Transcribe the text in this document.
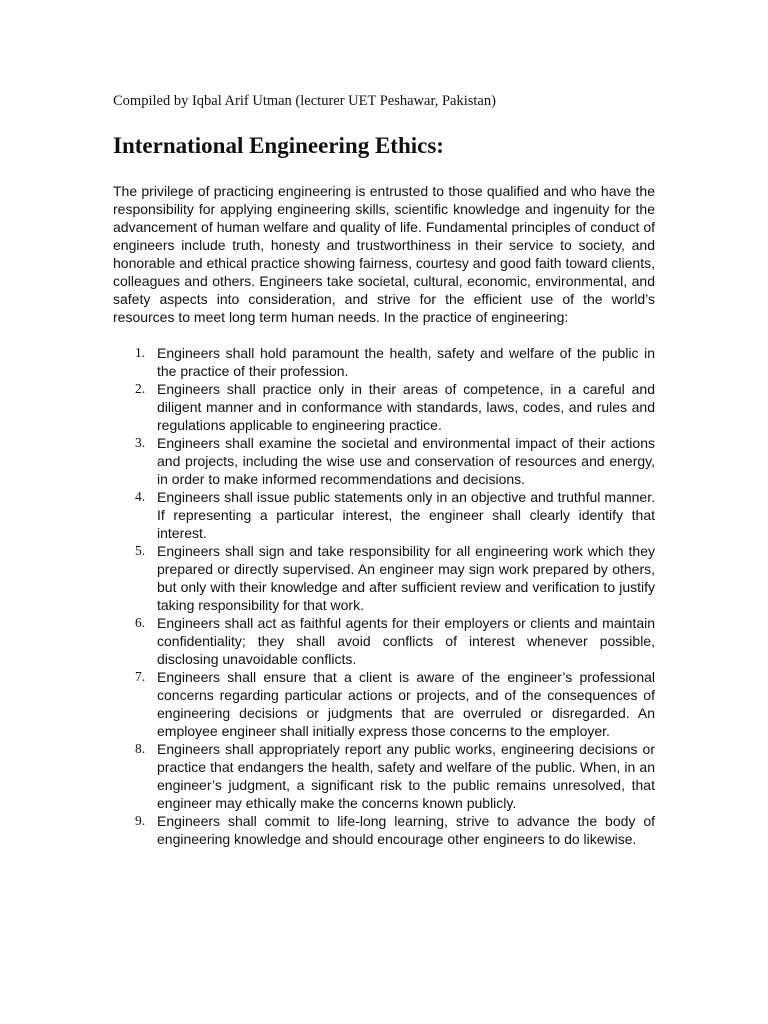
Compiled by Iqbal Arif Utman (lecturer UET Peshawar, Pakistan)

International Engineering Ethics:

The privilege of practicing engineering is entrusted to those qualified and who have the responsibility for applying engineering skills, scientific knowledge and ingenuity for the advancement of human welfare and quality of life. Fundamental principles of conduct of engineers include truth, honesty and trustworthiness in their service to society, and honorable and ethical practice showing fairness, courtesy and good faith toward clients, colleagues and others. Engineers take societal, cultural, economic, environmental, and safety aspects into consideration, and strive for the efficient use of the world’s resources to meet long term human needs. In the practice of engineering:

1. Engineers shall hold paramount the health, safety and welfare of the public in the practice of their profession.
2. Engineers shall practice only in their areas of competence, in a careful and diligent manner and in conformance with standards, laws, codes, and rules and regulations applicable to engineering practice.
3. Engineers shall examine the societal and environmental impact of their actions and projects, including the wise use and conservation of resources and energy, in order to make informed recommendations and decisions.
4. Engineers shall issue public statements only in an objective and truthful manner. If representing a particular interest, the engineer shall clearly identify that interest.
5. Engineers shall sign and take responsibility for all engineering work which they prepared or directly supervised. An engineer may sign work prepared by others, but only with their knowledge and after sufficient review and verification to justify taking responsibility for that work.
6. Engineers shall act as faithful agents for their employers or clients and maintain confidentiality; they shall avoid conflicts of interest whenever possible, disclosing unavoidable conflicts.
7. Engineers shall ensure that a client is aware of the engineer’s professional concerns regarding particular actions or projects, and of the consequences of engineering decisions or judgments that are overruled or disregarded. An employee engineer shall initially express those concerns to the employer.
8. Engineers shall appropriately report any public works, engineering decisions or practice that endangers the health, safety and welfare of the public. When, in an engineer’s judgment, a significant risk to the public remains unresolved, that engineer may ethically make the concerns known publicly.
9. Engineers shall commit to life-long learning, strive to advance the body of engineering knowledge and should encourage other engineers to do likewise.
